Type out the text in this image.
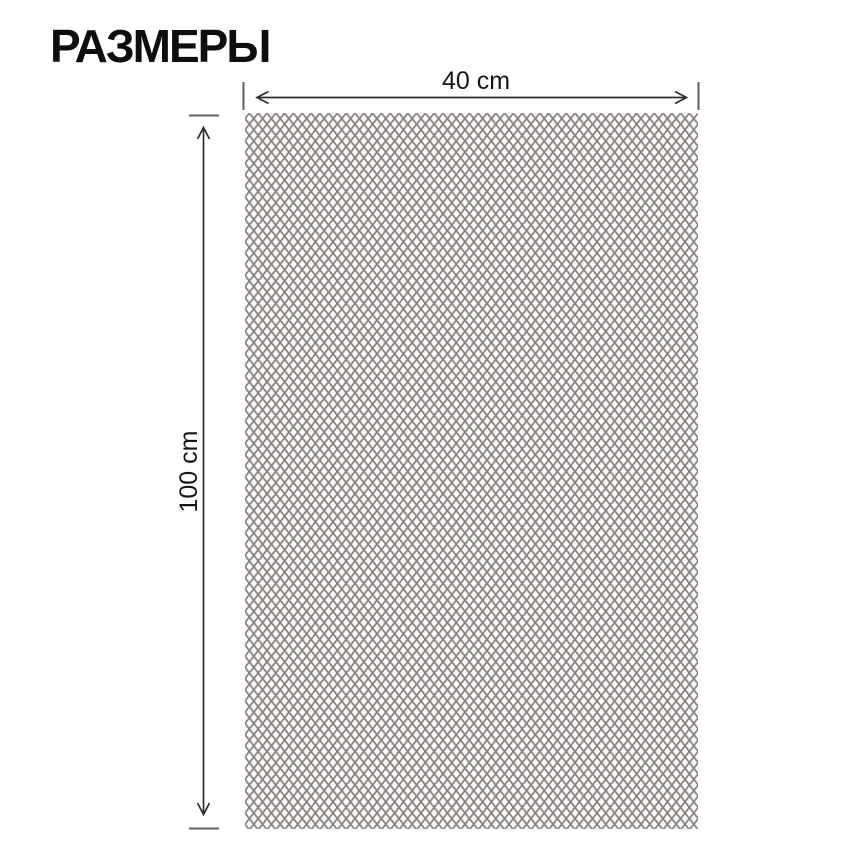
РАЗМЕРЫ
40 cm
100 cm
